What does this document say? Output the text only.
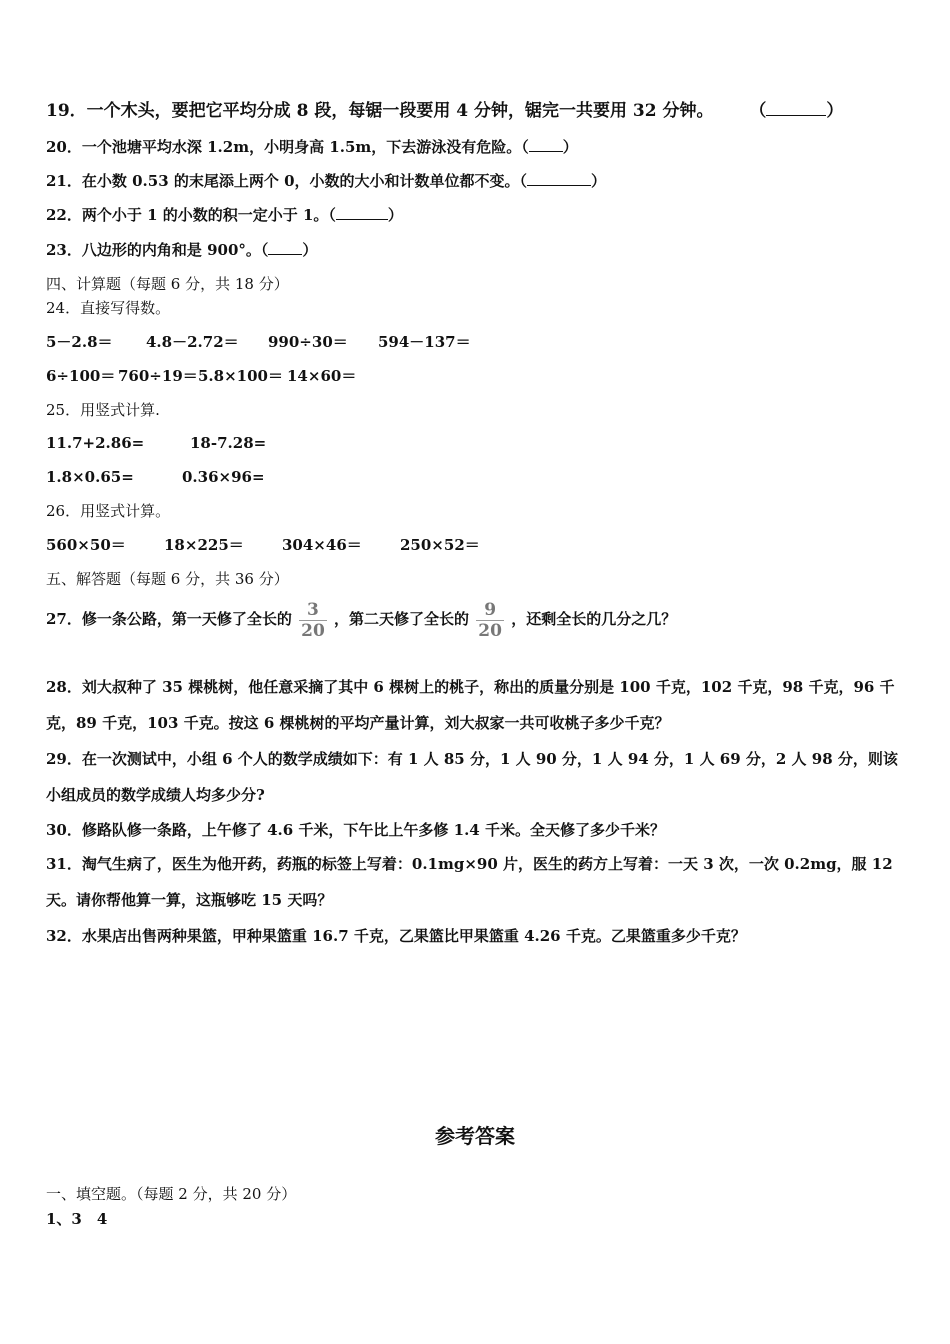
19．一个木头，要把它平均分成 8 段，每锯一段要用 4 分钟，锯完一共要用 32 分钟。 （	）
20．一个池塘平均水深 1.2m，小明身高 1.5m，下去游泳没有危险。（ ）
21．在小数 0.53 的末尾添上两个 0，小数的大小和计数单位都不变。（	）
22．两个小于 1 的小数的积一定小于 1。（	）
23．八边形的内角和是 900°。（ ）
四、计算题（每题 6 分，共 18 分）
24．直接写得数。
5－2.8＝ 4.8－2.72＝ 990÷30＝ 594－137＝
6÷100＝ 760÷19＝5.8×100＝ 14×60＝
25．用竖式计算.
11.7+2.86=	18-7.28=
1.8×0.65=	0.36×96=
26．用竖式计算。
560×50＝	18×225＝	304×46＝	250×52＝
五、解答题（每题 6 分，共 36 分）
27．修一条公路，第一天修了全长的 $\frac{3}{20}$ ，第二天修了全长的 $\frac{9}{20}$ ，还剩全长的几分之几？
28．刘大叔种了 35 棵桃树，他任意采摘了其中 6 棵树上的桃子，称出的质量分别是 100 千克，102 千克，98 千克，96 千克，89 千克，103 千克。按这 6 棵桃树的平均产量计算，刘大叔家一共可收桃子多少千克？
29．在一次测试中，小组 6 个人的数学成绩如下：有 1 人 85 分，1 人 90 分，1 人 94 分，1 人 69 分，2 人 98 分，则该小组成员的数学成绩人均多少分?
30．修路队修一条路，上午修了 4.6 千米，下午比上午多修 1.4 千米。全天修了多少千米？
31．淘气生病了，医生为他开药，药瓶的标签上写着：0.1mg×90 片，医生的药方上写着：一天 3 次，一次 0.2mg，服 12 天。请你帮他算一算，这瓶够吃 15 天吗？
32．水果店出售两种果篮，甲种果篮重 16.7 千克，乙果篮比甲果篮重 4.26 千克。乙果篮重多少千克？
参考答案
一、填空题。（每题 2 分，共 20 分）
1、3　4
